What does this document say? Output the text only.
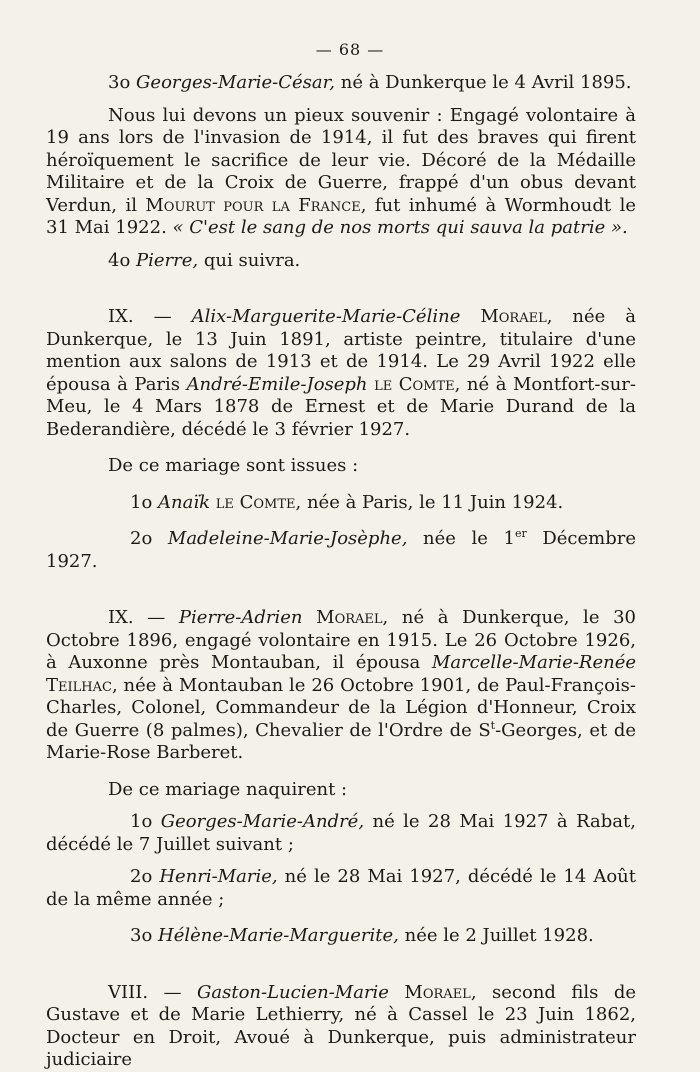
— 68 —

3o Georges-Marie-César, né à Dunkerque le 4 Avril 1895.

Nous lui devons un pieux souvenir : Engagé volontaire à 19 ans lors de l'invasion de 1914, il fut des braves qui firent héroïquement le sacrifice de leur vie. Décoré de la Médaille Militaire et de la Croix de Guerre, frappé d'un obus devant Verdun, il Mourut pour la France, fut inhumé à Wormhoudt le 31 Mai 1922. « C'est le sang de nos morts qui sauva la patrie ».

4o Pierre, qui suivra.

IX. — Alix-Marguerite-Marie-Céline Morael, née à Dunkerque, le 13 Juin 1891, artiste peintre, titulaire d'une mention aux salons de 1913 et de 1914. Le 29 Avril 1922 elle épousa à Paris André-Emile-Joseph le Comte, né à Montfort-sur-Meu, le 4 Mars 1878 de Ernest et de Marie Durand de la Bederandière, décédé le 3 février 1927.

De ce mariage sont issues :

1o Anaïk le Comte, née à Paris, le 11 Juin 1924.

2o Madeleine-Marie-Josèphe, née le 1er Décembre 1927.

IX. — Pierre-Adrien Morael, né à Dunkerque, le 30 Octobre 1896, engagé volontaire en 1915. Le 26 Octobre 1926, à Auxonne près Montauban, il épousa Marcelle-Marie-Renée Teilhac, née à Montauban le 26 Octobre 1901, de Paul-François-Charles, Colonel, Commandeur de la Légion d'Honneur, Croix de Guerre (8 palmes), Chevalier de l'Ordre de $S^t$-Georges, et de Marie-Rose Barberet.

De ce mariage naquirent :

1o Georges-Marie-André, né le 28 Mai 1927 à Rabat, décédé le 7 Juillet suivant ;

2o Henri-Marie, né le 28 Mai 1927, décédé le 14 Août de la même année ;

3o Hélène-Marie-Marguerite, née le 2 Juillet 1928.

VIII. — Gaston-Lucien-Marie Morael, second fils de Gustave et de Marie Lethierry, né à Cassel le 23 Juin 1862, Docteur en Droit, Avoué à Dunkerque, puis administrateur judiciaire
